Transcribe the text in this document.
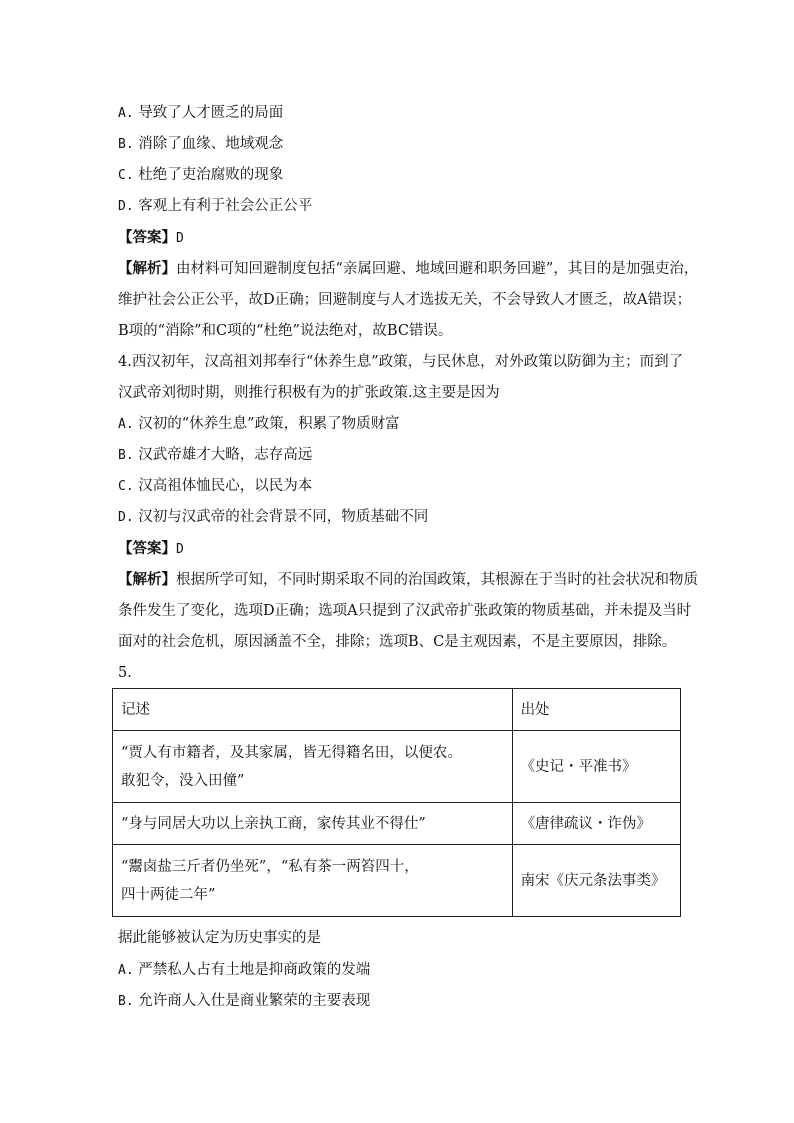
A. 导致了人才匮乏的局面
B. 消除了血缘、地域观念
C. 杜绝了吏治腐败的现象
D. 客观上有利于社会公正公平
【答案】D
【解析】由材料可知回避制度包括“亲属回避、地域回避和职务回避”，其目的是加强吏治，
维护社会公正公平，故D正确；回避制度与人才选拔无关，不会导致人才匮乏，故A错误；
B项的“消除”和C项的“杜绝”说法绝对，故BC错误。
4.西汉初年，汉高祖刘邦奉行“休养生息”政策，与民休息，对外政策以防御为主；而到了
汉武帝刘彻时期，则推行积极有为的扩张政策.这主要是因为
A. 汉初的“休养生息”政策，积累了物质财富
B. 汉武帝雄才大略，志存高远
C. 汉高祖体恤民心，以民为本
D. 汉初与汉武帝的社会背景不同，物质基础不同
【答案】D
【解析】根据所学可知，不同时期采取不同的治国政策，其根源在于当时的社会状况和物质
条件发生了变化，选项D正确；选项A只提到了汉武帝扩张政策的物质基础，并未提及当时
面对的社会危机，原因涵盖不全，排除；选项B、C是主观因素，不是主要原因，排除。
5.
记述	出处

“贾人有市籍者，及其家属，皆无得籍名田，以便农。
敢犯令，没入田僮”	《史记・平准书》

“身与同居大功以上亲执工商，家传其业不得仕”	《唐律疏议・诈伪》

“鬻卤盐三斤者仍坐死”，“私有茶一两笞四十，
四十两徒二年”	南宋《庆元条法事类》
据此能够被认定为历史事实的是
A. 严禁私人占有土地是抑商政策的发端
B. 允许商人入仕是商业繁荣的主要表现
